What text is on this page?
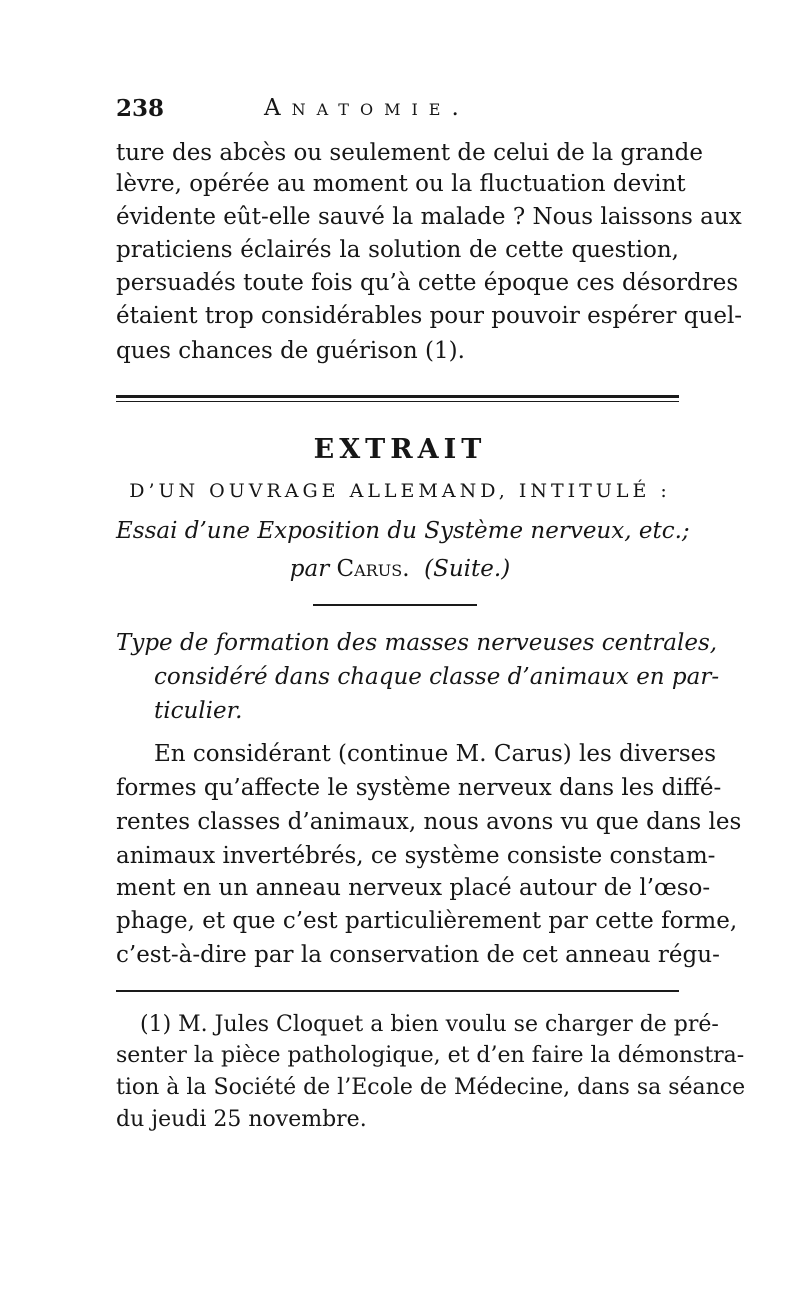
238	Anatomie.
ture des abcès ou seulement de celui de la grande
lèvre, opérée au moment ou la fluctuation devint
évidente eût-elle sauvé la malade ? Nous laissons aux
praticiens éclairés la solution de cette question,
persuadés toute fois qu’à cette époque ces désordres
étaient trop considérables pour pouvoir espérer quel-
ques chances de guérison (1).
EXTRAIT
D’UN OUVRAGE ALLEMAND, INTITULÉ :
Essai d’une Exposition du Système nerveux, etc.;
par Carus. (Suite.)
Type de formation des masses nerveuses centrales,
considéré dans chaque classe d’animaux en par-
ticulier.
En considérant (continue M. Carus) les diverses
formes qu’affecte le système nerveux dans les diffé-
rentes classes d’animaux, nous avons vu que dans les
animaux invertébrés, ce système consiste constam-
ment en un anneau nerveux placé autour de l’œso-
phage, et que c’est particulièrement par cette forme,
c’est-à-dire par la conservation de cet anneau régu-
(1) M. Jules Cloquet a bien voulu se charger de pré-
senter la pièce pathologique, et d’en faire la démonstra-
tion à la Société de l’Ecole de Médecine, dans sa séance
du jeudi 25 novembre.
